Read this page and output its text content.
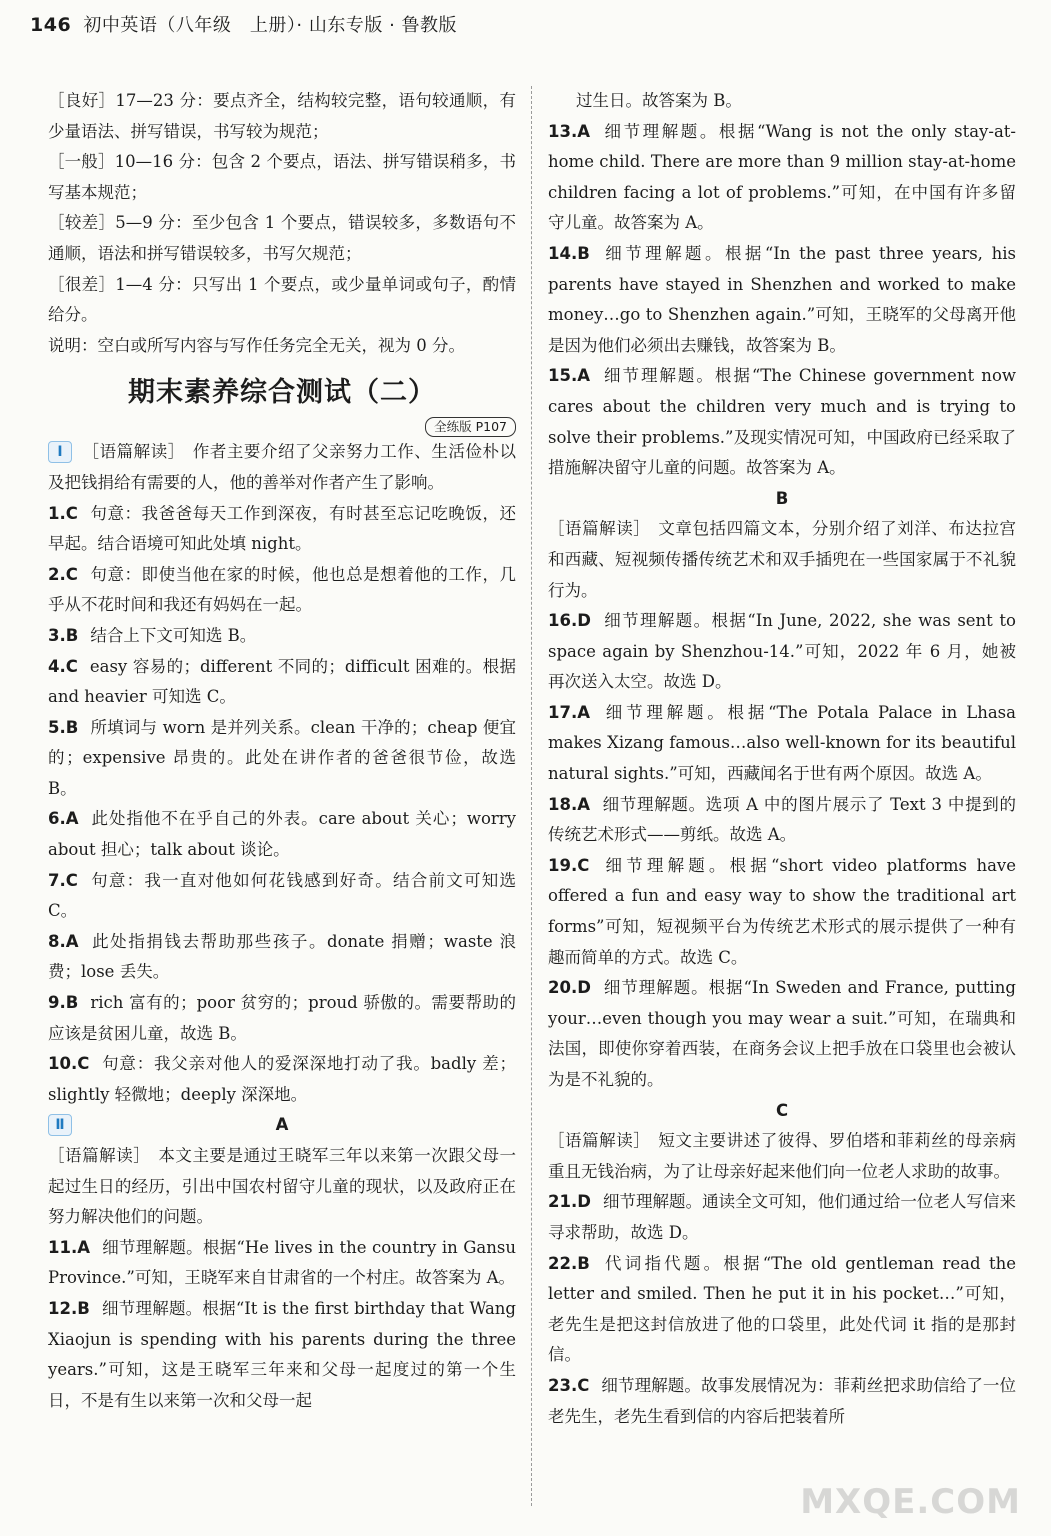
146 初中英语（八年级　上册）· 山东专版 · 鲁教版

［良好］17—23 分：要点齐全，结构较完整，语句较通顺，有少量语法、拼写错误，书写较为规范；

［一般］10—16 分：包含 2 个要点，语法、拼写错误稍多，书写基本规范；

［较差］5—9 分：至少包含 1 个要点，错误较多，多数语句不通顺，语法和拼写错误较多，书写欠规范；

［很差］1—4 分：只写出 1 个要点，或少量单词或句子，酌情给分。

说明：空白或所写内容与写作任务完全无关，视为 0 分。

期末素养综合测试（二）
全练版 P107

Ⅰ ［语篇解读］ 作者主要介绍了父亲努力工作、生活俭朴以及把钱捐给有需要的人，他的善举对作者产生了影响。

1.C 句意：我爸爸每天工作到深夜，有时甚至忘记吃晚饭，还早起。结合语境可知此处填 night。

2.C 句意：即使当他在家的时候，他也总是想着他的工作，几乎从不花时间和我还有妈妈在一起。

3.B 结合上下文可知选 B。

4.C easy 容易的；different 不同的；difficult 困难的。根据 and heavier 可知选 C。

5.B 所填词与 worn 是并列关系。clean 干净的；cheap 便宜的；expensive 昂贵的。此处在讲作者的爸爸很节俭，故选 B。

6.A 此处指他不在乎自己的外表。care about 关心；worry about 担心；talk about 谈论。

7.C 句意：我一直对他如何花钱感到好奇。结合前文可知选 C。

8.A 此处指捐钱去帮助那些孩子。donate 捐赠；waste 浪费；lose 丢失。

9.B rich 富有的；poor 贫穷的；proud 骄傲的。需要帮助的应该是贫困儿童，故选 B。

10.C 句意：我父亲对他人的爱深深地打动了我。badly 差；slightly 轻微地；deeply 深深地。

Ⅱ	A

［语篇解读］ 本文主要是通过王晓军三年以来第一次跟父母一起过生日的经历，引出中国农村留守儿童的现状，以及政府正在努力解决他们的问题。

11.A 细节理解题。根据“He lives in the country in Gansu Province.”可知，王晓军来自甘肃省的一个村庄。故答案为 A。

12.B 细节理解题。根据“It is the first birthday that Wang Xiaojun is spending with his parents during the three years.”可知，这是王晓军三年来和父母一起度过的第一个生日，不是有生以来第一次和父母一起

过生日。故答案为 B。

13.A 细节理解题。根据“Wang is not the only stay-at-home child. There are more than 9 million stay-at-home children facing a lot of problems.”可知，在中国有许多留守儿童。故答案为 A。

14.B 细节理解题。根据“In the past three years, his parents have stayed in Shenzhen and worked to make money…go to Shenzhen again.”可知，王晓军的父母离开他是因为他们必须出去赚钱，故答案为 B。

15.A 细节理解题。根据“The Chinese government now cares about the children very much and is trying to solve their problems.”及现实情况可知，中国政府已经采取了措施解决留守儿童的问题。故答案为 A。

B

［语篇解读］ 文章包括四篇文本，分别介绍了刘洋、布达拉宫和西藏、短视频传播传统艺术和双手插兜在一些国家属于不礼貌行为。

16.D 细节理解题。根据“In June, 2022, she was sent to space again by Shenzhou-14.”可知，2022 年 6 月，她被再次送入太空。故选 D。

17.A 细节理解题。根据“The Potala Palace in Lhasa makes Xizang famous…also well-known for its beautiful natural sights.”可知，西藏闻名于世有两个原因。故选 A。

18.A 细节理解题。选项 A 中的图片展示了 Text 3 中提到的传统艺术形式——剪纸。故选 A。

19.C 细节理解题。根据“short video platforms have offered a fun and easy way to show the traditional art forms”可知，短视频平台为传统艺术形式的展示提供了一种有趣而简单的方式。故选 C。

20.D 细节理解题。根据“In Sweden and France, putting your…even though you may wear a suit.”可知，在瑞典和法国，即使你穿着西装，在商务会议上把手放在口袋里也会被认为是不礼貌的。

C

［语篇解读］ 短文主要讲述了彼得、罗伯塔和菲莉丝的母亲病重且无钱治病，为了让母亲好起来他们向一位老人求助的故事。

21.D 细节理解题。通读全文可知，他们通过给一位老人写信来寻求帮助，故选 D。

22.B 代词指代题。根据“The old gentleman read the letter and smiled. Then he put it in his pocket…”可知，老先生是把这封信放进了他的口袋里，此处代词 it 指的是那封信。

23.C 细节理解题。故事发展情况为：菲莉丝把求助信给了一位老先生，老先生看到信的内容后把装着所

MXQE.COM
